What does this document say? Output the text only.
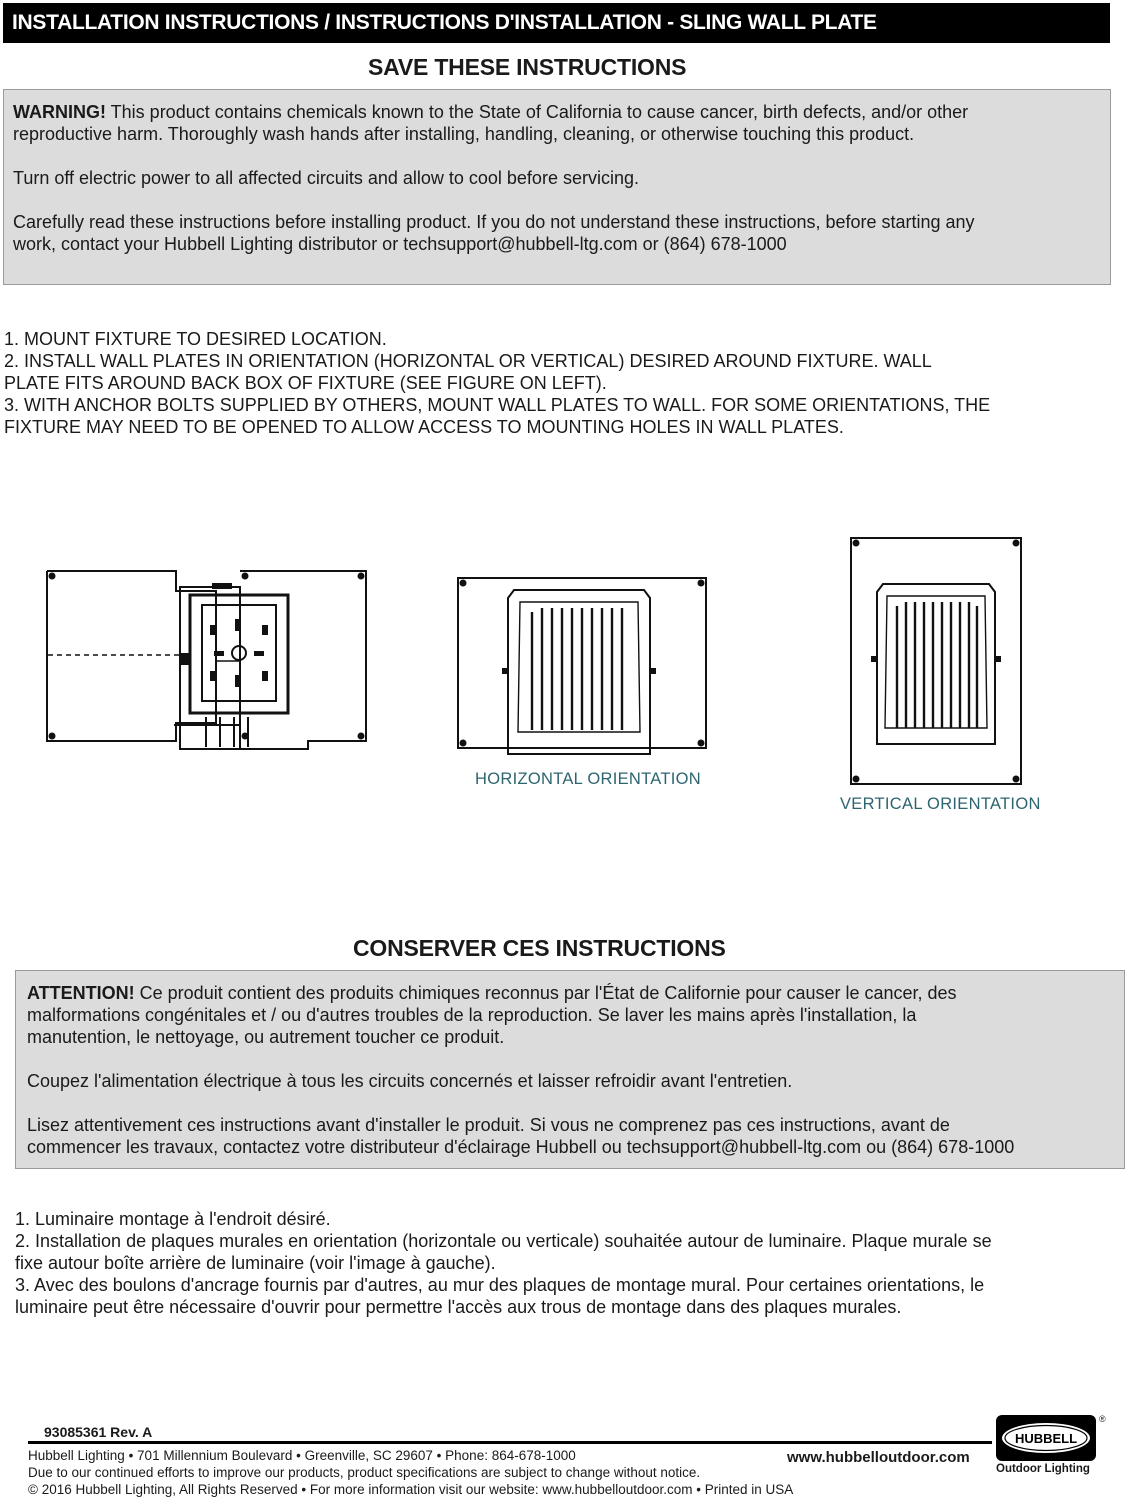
INSTALLATION INSTRUCTIONS / INSTRUCTIONS D'INSTALLATION - SLING WALL PLATE
SAVE THESE INSTRUCTIONS
WARNING! This product contains chemicals known to the State of California to cause cancer, birth defects, and/or other
reproductive harm. Thoroughly wash hands after installing, handling, cleaning, or otherwise touching this product.
Turn off electric power to all affected circuits and allow to cool before servicing.
Carefully read these instructions before installing product. If you do not understand these instructions, before starting any
work, contact your Hubbell Lighting distributor or techsupport@hubbell-ltg.com or (864) 678-1000
1. MOUNT FIXTURE TO DESIRED LOCATION.
2. INSTALL WALL PLATES IN ORIENTATION (HORIZONTAL OR VERTICAL) DESIRED AROUND FIXTURE. WALL
PLATE FITS AROUND BACK BOX OF FIXTURE (SEE FIGURE ON LEFT).
3. WITH ANCHOR BOLTS SUPPLIED BY OTHERS, MOUNT WALL PLATES TO WALL. FOR SOME ORIENTATIONS, THE
FIXTURE MAY NEED TO BE OPENED TO ALLOW ACCESS TO MOUNTING HOLES IN WALL PLATES.
HORIZONTAL ORIENTATION
VERTICAL ORIENTATION
CONSERVER CES INSTRUCTIONS
ATTENTION! Ce produit contient des produits chimiques reconnus par l'État de Californie pour causer le cancer, des
malformations congénitales et / ou d'autres troubles de la reproduction. Se laver les mains après l'installation, la
manutention, le nettoyage, ou autrement toucher ce produit.
Coupez l'alimentation électrique à tous les circuits concernés et laisser refroidir avant l'entretien.
Lisez attentivement ces instructions avant d'installer le produit. Si vous ne comprenez pas ces instructions, avant de
commencer les travaux, contactez votre distributeur d'éclairage Hubbell ou techsupport@hubbell-ltg.com ou (864) 678-1000
1. Luminaire montage à l'endroit désiré.
2. Installation de plaques murales en orientation (horizontale ou verticale) souhaitée autour de luminaire. Plaque murale se
fixe autour boîte arrière de luminaire (voir l'image à gauche).
3. Avec des boulons d'ancrage fournis par d'autres, au mur des plaques de montage mural. Pour certaines orientations, le
luminaire peut être nécessaire d'ouvrir pour permettre l'accès aux trous de montage dans des plaques murales.
93085361 Rev. A
Hubbell Lighting • 701 Millennium Boulevard • Greenville, SC 29607 • Phone: 864-678-1000
Due to our continued efforts to improve our products, product specifications are subject to change without notice.
© 2016 Hubbell Lighting, All Rights Reserved • For more information visit our website: www.hubbelloutdoor.com • Printed in USA
www.hubbelloutdoor.com
HUBBELL
®
Outdoor Lighting
